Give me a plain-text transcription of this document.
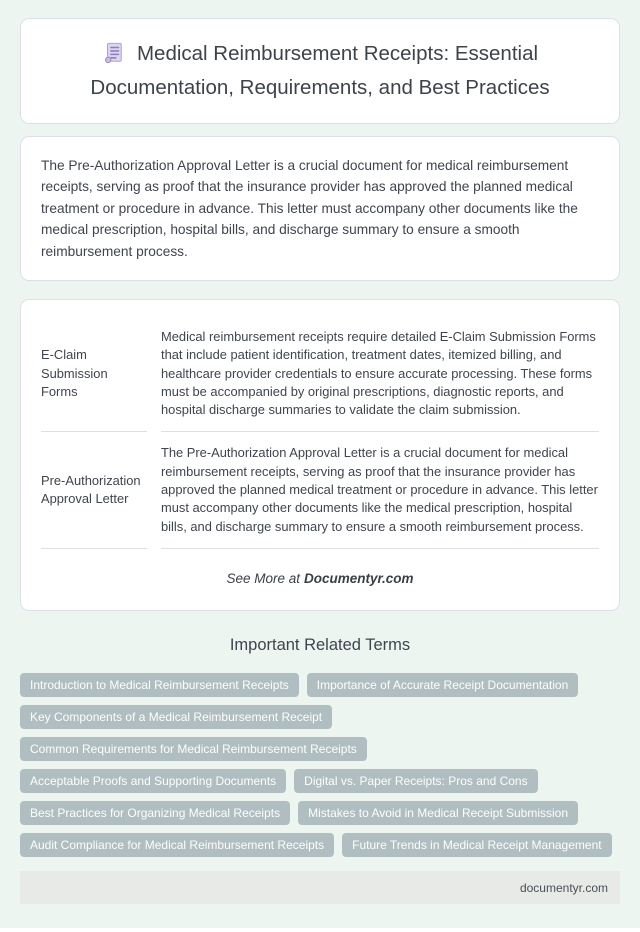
Medical Reimbursement Receipts: Essential Documentation, Requirements, and Best Practices

The Pre-Authorization Approval Letter is a crucial document for medical reimbursement receipts, serving as proof that the insurance provider has approved the planned medical treatment or procedure in advance. This letter must accompany other documents like the medical prescription, hospital bills, and discharge summary to ensure a smooth reimbursement process.

E-Claim Submission Forms
Medical reimbursement receipts require detailed E-Claim Submission Forms that include patient identification, treatment dates, itemized billing, and healthcare provider credentials to ensure accurate processing. These forms must be accompanied by original prescriptions, diagnostic reports, and hospital discharge summaries to validate the claim submission.
Pre-Authorization Approval Letter
The Pre-Authorization Approval Letter is a crucial document for medical reimbursement receipts, serving as proof that the insurance provider has approved the planned medical treatment or procedure in advance. This letter must accompany other documents like the medical prescription, hospital bills, and discharge summary to ensure a smooth reimbursement process.

See More at Documentyr.com

Important Related Terms
Introduction to Medical Reimbursement Receipts	Importance of Accurate Receipt Documentation
Key Components of a Medical Reimbursement Receipt
Common Requirements for Medical Reimbursement Receipts
Acceptable Proofs and Supporting Documents	Digital vs. Paper Receipts: Pros and Cons
Best Practices for Organizing Medical Receipts	Mistakes to Avoid in Medical Receipt Submission
Audit Compliance for Medical Reimbursement Receipts	Future Trends in Medical Receipt Management
documentyr.com
